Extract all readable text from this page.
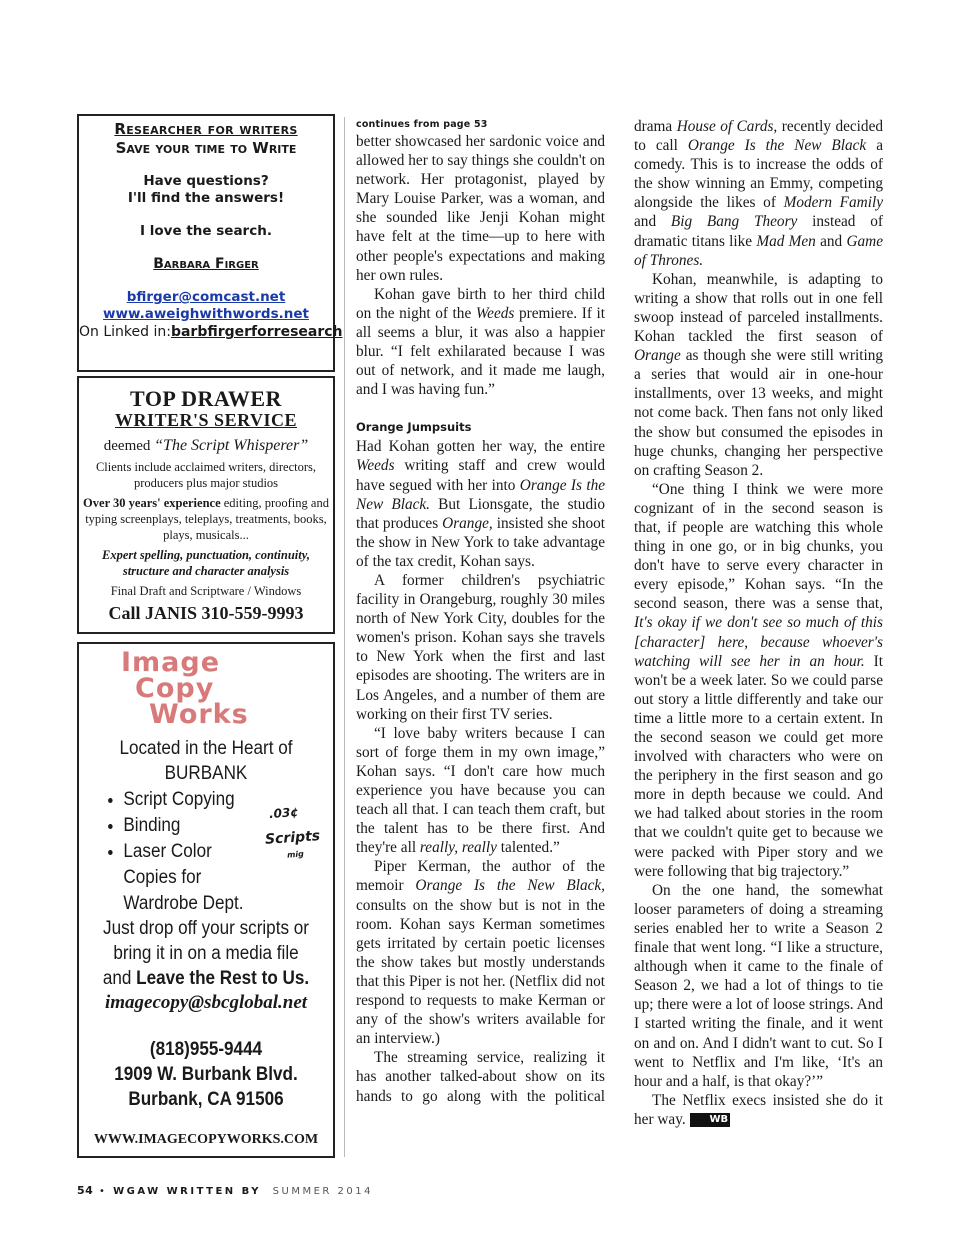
Researcher for writers
Save your time to Write
Have questions?
I'll find the answers!
I love the search.
Barbara Firger
bfirger@comcast.net
www.aweighwithwords.net
On Linked in:barbfirgerforresearch
TOP DRAWER
WRITER'S SERVICE
deemed “The Script Whisperer”
Clients include acclaimed writers, directors, producers plus major studios
Over 30 years' experience editing, proofing and typing screenplays, teleplays, treatments, books, plays, musicals...
Expert spelling, punctuation, continuity, structure and character analysis
Final Draft and Scriptware / Windows
Call JANIS 310-559-9993
Image
Copy
Works
Located in the Heart of
BURBANK
• Script Copying
• Binding
• Laser Color
Copies for
Wardrobe Dept.
.03¢
Scripts
mig
Just drop off your scripts or
bring it in on a media file
and Leave the Rest to Us.
imagecopy@sbcglobal.net
(818)955-9444
1909 W. Burbank Blvd.
Burbank, CA 91506
WWW.IMAGECOPYWORKS.COM
continues from page 53

better showcased her sardonic voice and allowed her to say things she couldn't on network. Her protagonist, played by Mary Louise Parker, was a woman, and she sounded like Jenji Kohan might have felt at the time—up to here with other people's expectations and making her own rules.

Kohan gave birth to her third child on the night of the Weeds premiere. If it all seems a blur, it was also a happier blur. “I felt exhilarated because I was out of network, and it made me laugh, and I was having fun.”

Orange Jumpsuits

Had Kohan gotten her way, the entire Weeds writing staff and crew would have segued with her into Orange Is the New Black. But Lionsgate, the studio that produces Orange, insisted she shoot the show in New York to take advantage of the tax credit, Kohan says.

A former children's psychiatric facility in Orangeburg, roughly 30 miles north of New York City, doubles for the women's prison. Kohan says she travels to New York when the first and last episodes are shooting. The writers are in Los Angeles, and a number of them are working on their first TV series.

“I love baby writers because I can sort of forge them in my own image,” Kohan says. “I don't care how much experience you have because you can teach all that. I can teach them craft, but the talent has to be there first. And they're all really, really talented.”

Piper Kerman, the author of the memoir Orange Is the New Black, consults on the show but is not in the room. Kohan says Kerman sometimes gets irritated by certain poetic licenses the show takes but mostly understands that this Piper is not her. (Netflix did not respond to requests to make Kerman or any of the show's writers available for an interview.)

The streaming service, realizing it has another talked-about show on its hands to go along with the political

drama House of Cards, recently decided to call Orange Is the New Black a comedy. This is to increase the odds of the show winning an Emmy, competing alongside the likes of Modern Family and Big Bang Theory instead of dramatic titans like Mad Men and Game of Thrones.

Kohan, meanwhile, is adapting to writing a show that rolls out in one fell swoop instead of parceled installments. Kohan tackled the first season of Orange as though she were still writing a series that would air in one-hour installments, over 13 weeks, and might not come back. Then fans not only liked the show but consumed the episodes in huge chunks, changing her perspective on crafting Season 2.

“One thing I think we were more cognizant of in the second season is that, if people are watching this whole thing in one go, or in big chunks, you don't have to serve every character in every episode,” Kohan says. “In the second season, there was a sense that, It's okay if we don't see so much of this [character] here, because whoever's watching will see her in an hour. It won't be a week later. So we could parse out story a little differently and take our time a little more to a certain extent. In the second season we could get more involved with characters who were on the periphery in the first season and go more in depth because we could. And we had talked about stories in the room that we couldn't quite get to because we were packed with Piper story and we were following that big trajectory.”

On the one hand, the somewhat looser parameters of doing a streaming series enabled her to write a Season 2 finale that went long. “I like a structure, although when it came to the finale of Season 2, we had a lot of things to tie up; there were a lot of loose strings. And I started writing the finale, and it went on and on. And I didn't want to cut. So I went to Netflix and I'm like, ‘It's an hour and a half, is that okay?’”

The Netflix execs insisted she do it her way. WB

54 • WGAW WRITTEN BY SUMMER 2014
